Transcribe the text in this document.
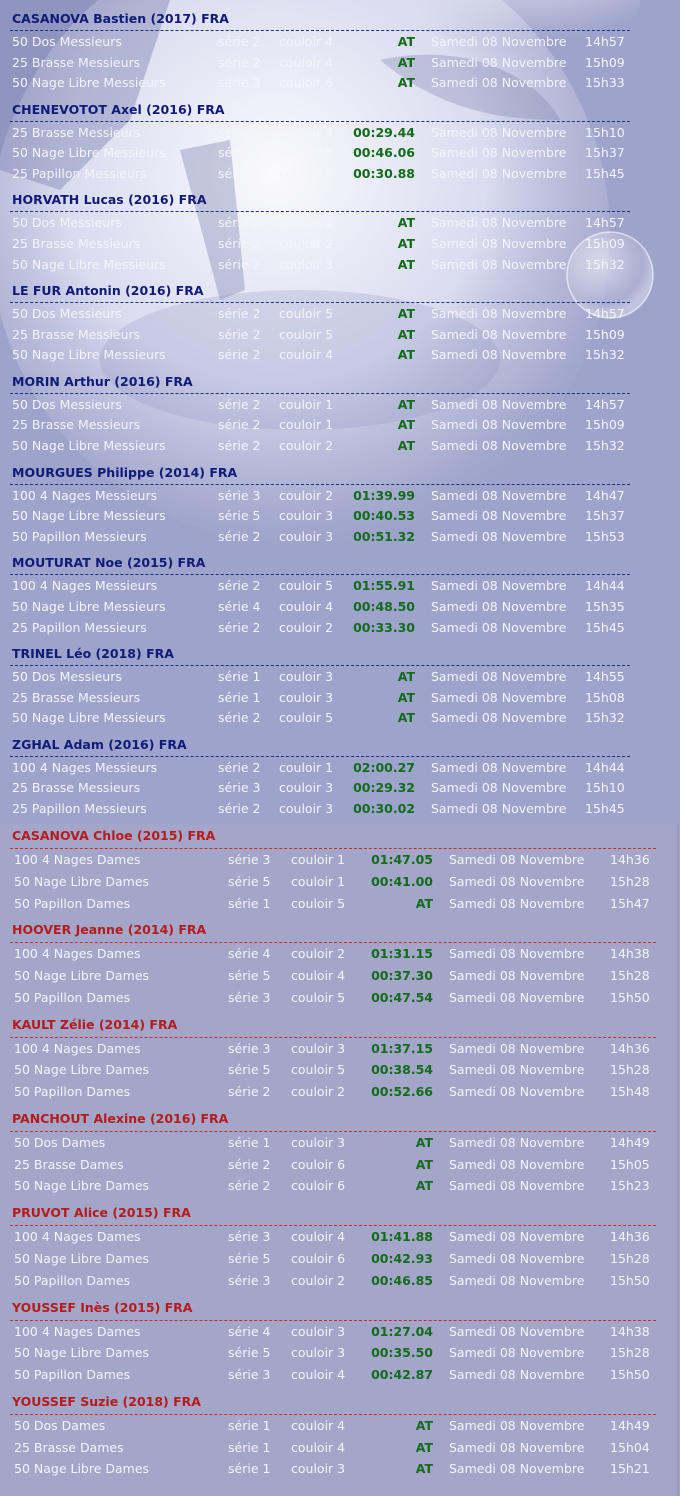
CASANOVA Bastien (2017) FRA
50 Dos Messieurs	série 2 couloir 4	AT Samedi 08 Novembre 14h57
25 Brasse Messieurs	série 2 couloir 4	AT Samedi 08 Novembre 15h09
50 Nage Libre Messieurs	série 3 couloir 6	AT Samedi 08 Novembre 15h33
CHENEVOTOT Axel (2016) FRA
25 Brasse Messieurs	série 3 couloir 4	00:29.44 Samedi 08 Novembre 15h10
50 Nage Libre Messieurs	série 5 couloir 6	00:46.06 Samedi 08 Novembre 15h37
25 Papillon Messieurs	série 2 couloir 4	00:30.88 Samedi 08 Novembre 15h45
HORVATH Lucas (2016) FRA
50 Dos Messieurs	série 2 couloir 2	AT Samedi 08 Novembre 14h57
25 Brasse Messieurs	série 2 couloir 2	AT Samedi 08 Novembre 15h09
50 Nage Libre Messieurs	série 2 couloir 3	AT Samedi 08 Novembre 15h32
LE FUR Antonin (2016) FRA
50 Dos Messieurs	série 2 couloir 5	AT Samedi 08 Novembre 14h57
25 Brasse Messieurs	série 2 couloir 5	AT Samedi 08 Novembre 15h09
50 Nage Libre Messieurs	série 2 couloir 4	AT Samedi 08 Novembre 15h32
MORIN Arthur (2016) FRA
50 Dos Messieurs	série 2 couloir 1	AT Samedi 08 Novembre 14h57
25 Brasse Messieurs	série 2 couloir 1	AT Samedi 08 Novembre 15h09
50 Nage Libre Messieurs	série 2 couloir 2	AT Samedi 08 Novembre 15h32
MOURGUES Philippe (2014) FRA
100 4 Nages Messieurs	série 3 couloir 2	01:39.99 Samedi 08 Novembre 14h47
50 Nage Libre Messieurs	série 5 couloir 3	00:40.53 Samedi 08 Novembre 15h37
50 Papillon Messieurs	série 2 couloir 3	00:51.32 Samedi 08 Novembre 15h53
MOUTURAT Noe (2015) FRA
100 4 Nages Messieurs	série 2 couloir 5	01:55.91 Samedi 08 Novembre 14h44
50 Nage Libre Messieurs	série 4 couloir 4	00:48.50 Samedi 08 Novembre 15h35
25 Papillon Messieurs	série 2 couloir 2	00:33.30 Samedi 08 Novembre 15h45
TRINEL Léo (2018) FRA
50 Dos Messieurs	série 1 couloir 3	AT Samedi 08 Novembre 14h55
25 Brasse Messieurs	série 1 couloir 3	AT Samedi 08 Novembre 15h08
50 Nage Libre Messieurs	série 2 couloir 5	AT Samedi 08 Novembre 15h32
ZGHAL Adam (2016) FRA
100 4 Nages Messieurs	série 2 couloir 1	02:00.27 Samedi 08 Novembre 14h44
25 Brasse Messieurs	série 3 couloir 3	00:29.32 Samedi 08 Novembre 15h10
25 Papillon Messieurs	série 2 couloir 3	00:30.02 Samedi 08 Novembre 15h45
CASANOVA Chloe (2015) FRA
100 4 Nages Dames	série 3 couloir 1	01:47.05 Samedi 08 Novembre 14h36
50 Nage Libre Dames	série 5 couloir 1	00:41.00 Samedi 08 Novembre 15h28
50 Papillon Dames	série 1 couloir 5	AT Samedi 08 Novembre 15h47
HOOVER Jeanne (2014) FRA
100 4 Nages Dames	série 4 couloir 2	01:31.15 Samedi 08 Novembre 14h38
50 Nage Libre Dames	série 5 couloir 4	00:37.30 Samedi 08 Novembre 15h28
50 Papillon Dames	série 3 couloir 5	00:47.54 Samedi 08 Novembre 15h50
KAULT Zélie (2014) FRA
100 4 Nages Dames	série 3 couloir 3	01:37.15 Samedi 08 Novembre 14h36
50 Nage Libre Dames	série 5 couloir 5	00:38.54 Samedi 08 Novembre 15h28
50 Papillon Dames	série 2 couloir 2	00:52.66 Samedi 08 Novembre 15h48
PANCHOUT Alexine (2016) FRA
50 Dos Dames	série 1 couloir 3	AT Samedi 08 Novembre 14h49
25 Brasse Dames	série 2 couloir 6	AT Samedi 08 Novembre 15h05
50 Nage Libre Dames	série 2 couloir 6	AT Samedi 08 Novembre 15h23
PRUVOT Alice (2015) FRA
100 4 Nages Dames	série 3 couloir 4	01:41.88 Samedi 08 Novembre 14h36
50 Nage Libre Dames	série 5 couloir 6	00:42.93 Samedi 08 Novembre 15h28
50 Papillon Dames	série 3 couloir 2	00:46.85 Samedi 08 Novembre 15h50
YOUSSEF Inès (2015) FRA
100 4 Nages Dames	série 4 couloir 3	01:27.04 Samedi 08 Novembre 14h38
50 Nage Libre Dames	série 5 couloir 3	00:35.50 Samedi 08 Novembre 15h28
50 Papillon Dames	série 3 couloir 4	00:42.87 Samedi 08 Novembre 15h50
YOUSSEF Suzie (2018) FRA
50 Dos Dames	série 1 couloir 4	AT Samedi 08 Novembre 14h49
25 Brasse Dames	série 1 couloir 4	AT Samedi 08 Novembre 15h04
50 Nage Libre Dames	série 1 couloir 3	AT Samedi 08 Novembre 15h21
